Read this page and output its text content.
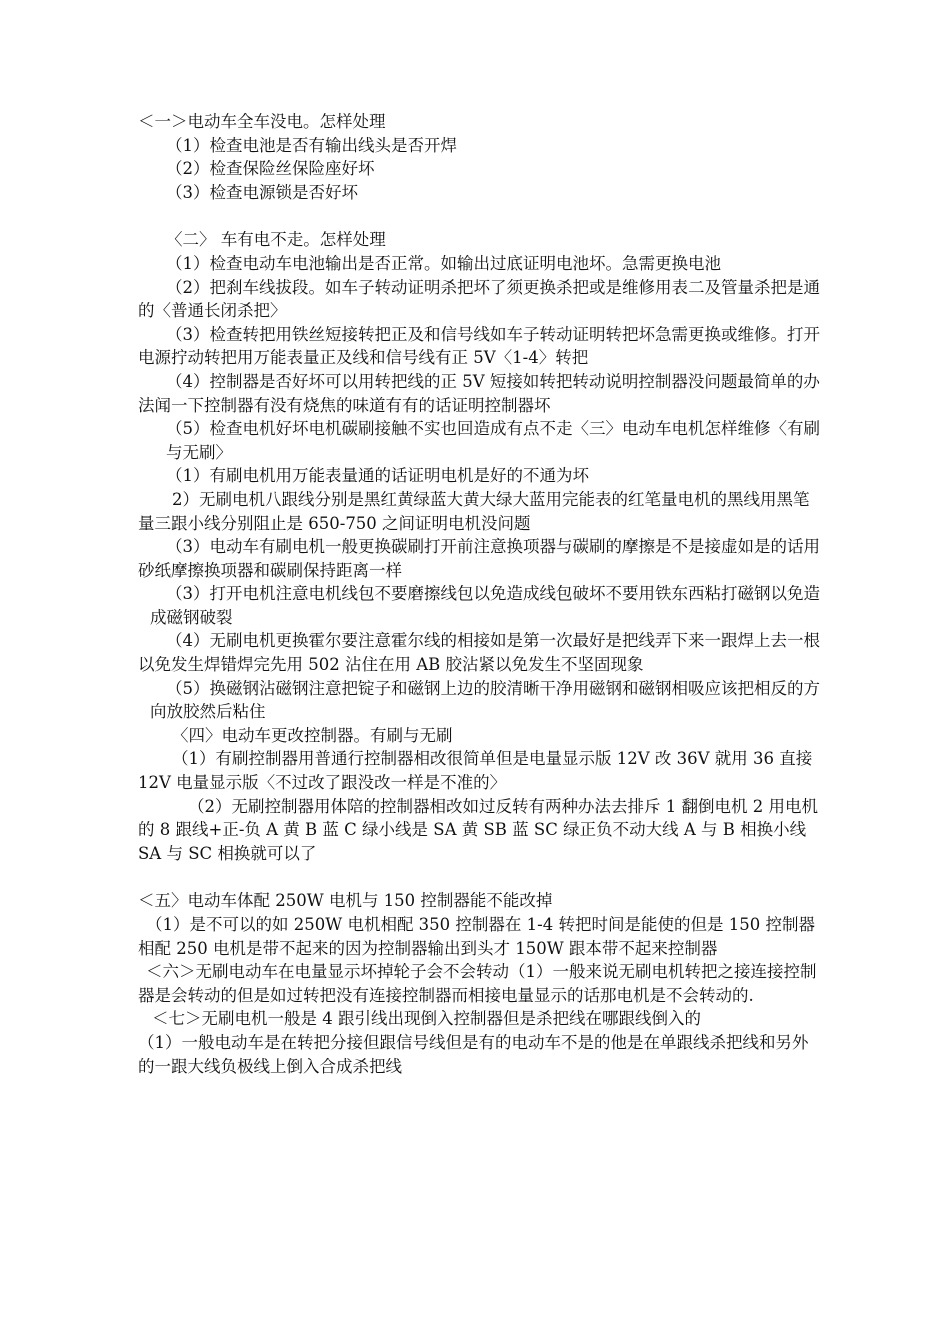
＜一＞电动车全车没电。怎样处理

（1）检查电池是否有输出线头是否开焊

（2）检查保险丝保险座好坏

（3）检查电源锁是否好坏

〈二〉 车有电不走。怎样处理

（1）检查电动车电池输出是否正常。如输出过底证明电池坏。急需更换电池

（2）把刹车线拔段。如车子转动证明杀把坏了须更换杀把或是维修用表二及管量杀把是通的〈普通长闭杀把〉

（3）检查转把用铁丝短接转把正及和信号线如车子转动证明转把坏急需更换或维修。打开电源拧动转把用万能表量正及线和信号线有正 5V〈1-4〉转把

（4）控制器是否好坏可以用转把线的正 5V 短接如转把转动说明控制器没问题最简单的办法闻一下控制器有没有烧焦的味道有有的话证明控制器坏

（5）检查电机好坏电机碳刷接触不实也回造成有点不走〈三〉电动车电机怎样维修〈有刷与无刷〉

（1）有刷电机用万能表量通的话证明电机是好的不通为坏

2）无刷电机八跟线分别是黑红黄绿蓝大黄大绿大蓝用完能表的红笔量电机的黑线用黑笔量三跟小线分别阻止是 650-750 之间证明电机没问题

（3）电动车有刷电机一般更换碳刷打开前注意换项器与碳刷的摩擦是不是接虚如是的话用砂纸摩擦换项器和碳刷保持距离一样

（3）打开电机注意电机线包不要磨擦线包以免造成线包破坏不要用铁东西粘打磁钢以免造成磁钢破裂

（4）无刷电机更换霍尔要注意霍尔线的相接如是第一次最好是把线弄下来一跟焊上去一根以免发生焊错焊完先用 502 沾住在用 AB 胶沾紧以免发生不坚固现象

（5）换磁钢沾磁钢注意把锭子和磁钢上边的胶清晰干净用磁钢和磁钢相吸应该把相反的方向放胶然后粘住

〈四〉电动车更改控制器。有刷与无刷

（1）有刷控制器用普通行控制器相改很简单但是电量显示版 12V 改 36V 就用 36 直接 12V 电量显示版〈不过改了跟没改一样是不准的〉

（2）无刷控制器用体陪的控制器相改如过反转有两种办法去排斥 1 翻倒电机 2 用电机的 8 跟线+正-负 A 黄 B 蓝 C 绿小线是 SA 黄 SB 蓝 SC 绿正负不动大线 A 与 B 相换小线 SA 与 SC 相换就可以了

＜五〉电动车体配 250W 电机与 150 控制器能不能改掉

（1）是不可以的如 250W 电机相配 350 控制器在 1-4 转把时间是能使的但是 150 控制器相配 250 电机是带不起来的因为控制器输出到头才 150W 跟本带不起来控制器

＜六＞无刷电动车在电量显示坏掉轮子会不会转动（1）一般来说无刷电机转把之接连接控制器是会转动的但是如过转把没有连接控制器而相接电量显示的话那电机是不会转动的.

＜七＞无刷电机一般是 4 跟引线出现倒入控制器但是杀把线在哪跟线倒入的

（1）一般电动车是在转把分接但跟信号线但是有的电动车不是的他是在单跟线杀把线和另外的一跟大线负极线上倒入合成杀把线
